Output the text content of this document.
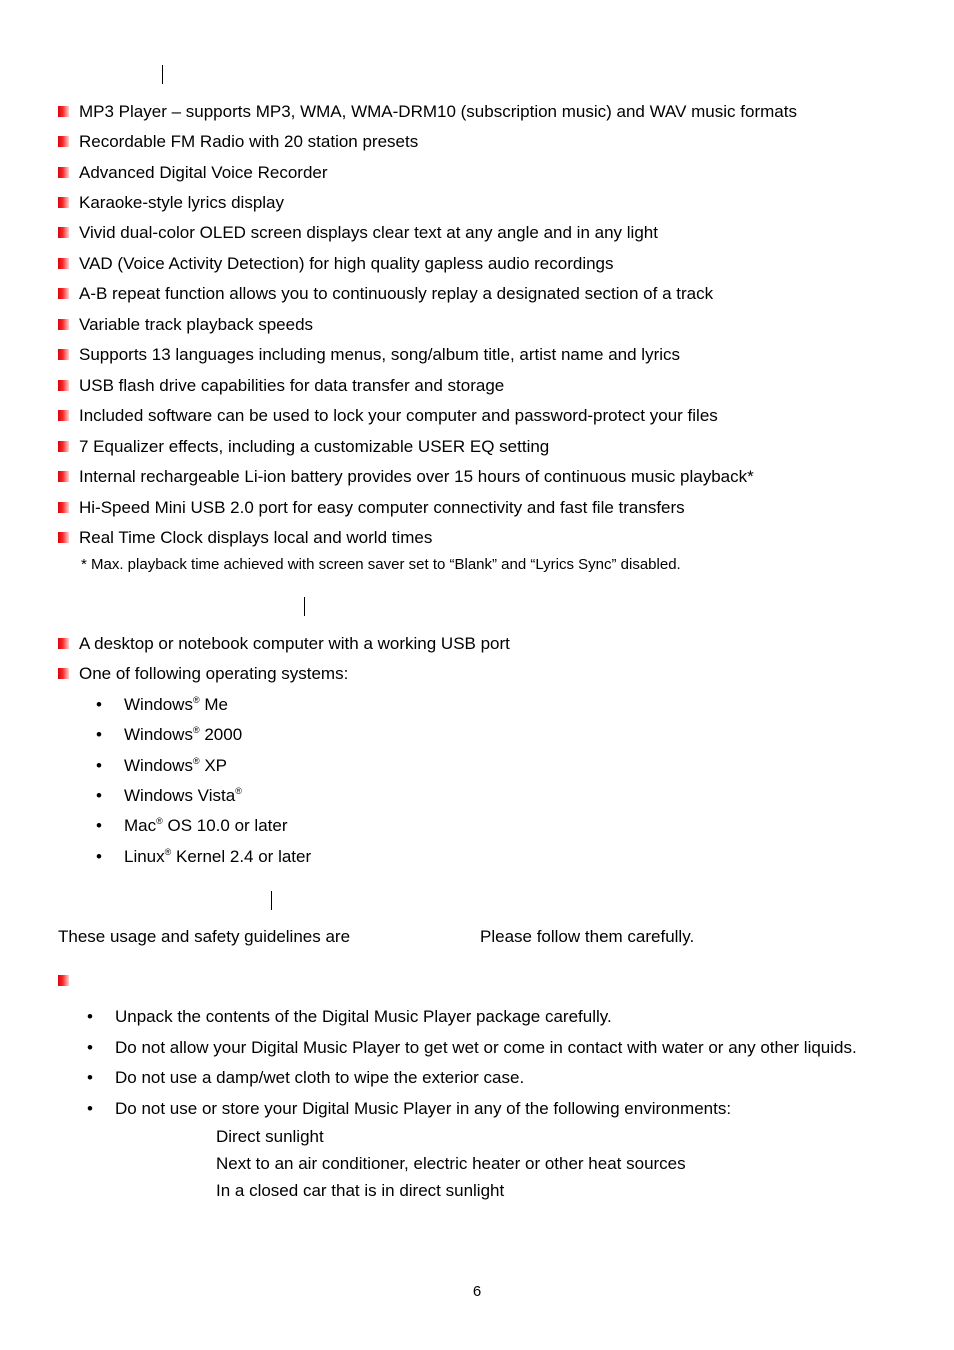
MP3 Player – supports MP3, WMA, WMA-DRM10 (subscription music) and WAV music formats
Recordable FM Radio with 20 station presets
Advanced Digital Voice Recorder
Karaoke-style lyrics display
Vivid dual-color OLED screen displays clear text at any angle and in any light
VAD (Voice Activity Detection) for high quality gapless audio recordings
A-B repeat function allows you to continuously replay a designated section of a track
Variable track playback speeds
Supports 13 languages including menus, song/album title, artist name and lyrics
USB flash drive capabilities for data transfer and storage
Included software can be used to lock your computer and password-protect your files
7 Equalizer effects, including a customizable USER EQ setting
Internal rechargeable Li-ion battery provides over 15 hours of continuous music playback*
Hi-Speed Mini USB 2.0 port for easy computer connectivity and fast file transfers
Real Time Clock displays local and world times
* Max. playback time achieved with screen saver set to “Blank” and “Lyrics Sync” disabled.
A desktop or notebook computer with a working USB port
One of following operating systems:
• Windows® Me
• Windows® 2000
• Windows® XP
• Windows Vista®
• Mac® OS 10.0 or later
• Linux® Kernel 2.4 or later
These usage and safety guidelines are	Please follow them carefully.
• Unpack the contents of the Digital Music Player package carefully.
• Do not allow your Digital Music Player to get wet or come in contact with water or any other liquids.
• Do not use a damp/wet cloth to wipe the exterior case.
• Do not use or store your Digital Music Player in any of the following environments:
Direct sunlight
Next to an air conditioner, electric heater or other heat sources
In a closed car that is in direct sunlight
6
